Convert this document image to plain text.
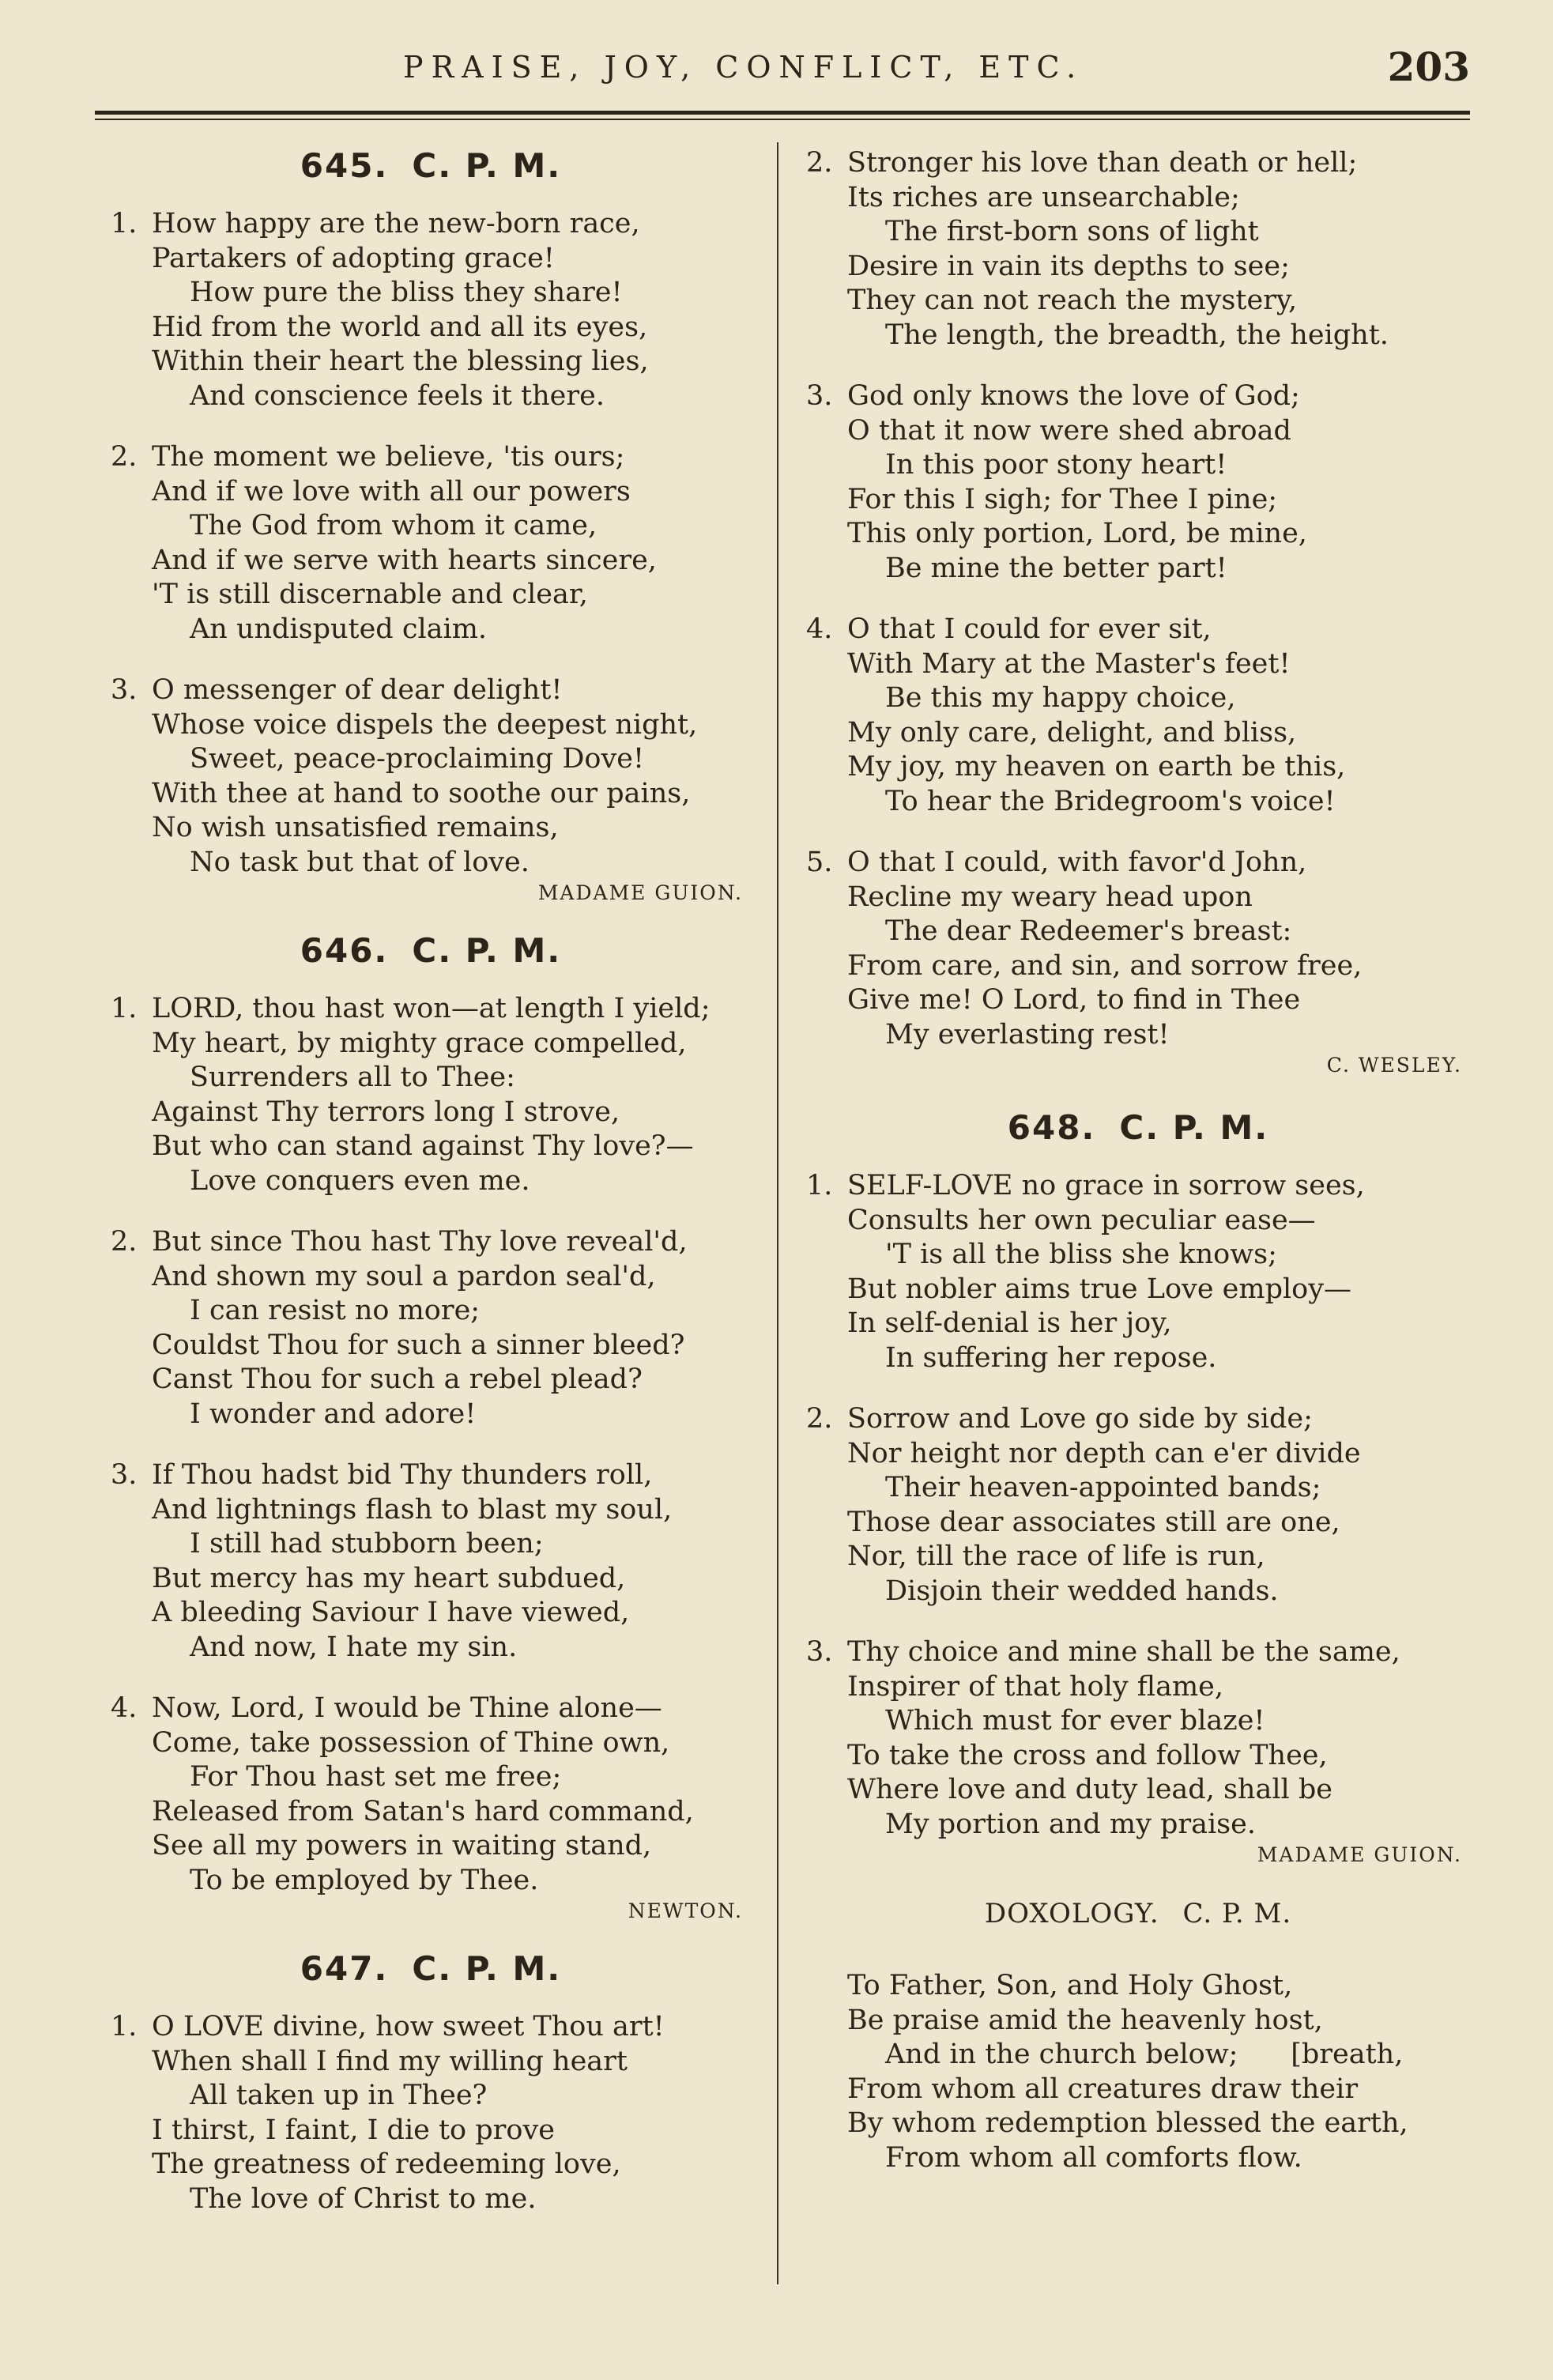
PRAISE, JOY, CONFLICT, ETC.	203
645. C. P. M.
1. How happy are the new-born race,
Partakers of adopting grace!
How pure the bliss they share!
Hid from the world and all its eyes,
Within their heart the blessing lies,
And conscience feels it there.
2. The moment we believe, 'tis ours;
And if we love with all our powers
The God from whom it came,
And if we serve with hearts sincere,
'T is still discernable and clear,
An undisputed claim.
3. O messenger of dear delight!
Whose voice dispels the deepest night,
Sweet, peace-proclaiming Dove!
With thee at hand to soothe our pains,
No wish unsatisfied remains,
No task but that of love.
MADAME GUION.
646. C. P. M.
1. LORD, thou hast won—at length I yield;
My heart, by mighty grace compelled,
Surrenders all to Thee:
Against Thy terrors long I strove,
But who can stand against Thy love?—
Love conquers even me.
2. But since Thou hast Thy love reveal'd,
And shown my soul a pardon seal'd,
I can resist no more;
Couldst Thou for such a sinner bleed?
Canst Thou for such a rebel plead?
I wonder and adore!
3. If Thou hadst bid Thy thunders roll,
And lightnings flash to blast my soul,
I still had stubborn been;
But mercy has my heart subdued,
A bleeding Saviour I have viewed,
And now, I hate my sin.
4. Now, Lord, I would be Thine alone—
Come, take possession of Thine own,
For Thou hast set me free;
Released from Satan's hard command,
See all my powers in waiting stand,
To be employed by Thee.
NEWTON.
647. C. P. M.
1. O LOVE divine, how sweet Thou art!
When shall I find my willing heart
All taken up in Thee?
I thirst, I faint, I die to prove
The greatness of redeeming love,
The love of Christ to me.
2. Stronger his love than death or hell;
Its riches are unsearchable;
The first-born sons of light
Desire in vain its depths to see;
They can not reach the mystery,
The length, the breadth, the height.
3. God only knows the love of God;
O that it now were shed abroad
In this poor stony heart!
For this I sigh; for Thee I pine;
This only portion, Lord, be mine,
Be mine the better part!
4. O that I could for ever sit,
With Mary at the Master's feet!
Be this my happy choice,
My only care, delight, and bliss,
My joy, my heaven on earth be this,
To hear the Bridegroom's voice!
5. O that I could, with favor'd John,
Recline my weary head upon
The dear Redeemer's breast:
From care, and sin, and sorrow free,
Give me! O Lord, to find in Thee
My everlasting rest!
C. WESLEY.
648. C. P. M.
1. SELF-LOVE no grace in sorrow sees,
Consults her own peculiar ease—
'T is all the bliss she knows;
But nobler aims true Love employ—
In self-denial is her joy,
In suffering her repose.
2. Sorrow and Love go side by side;
Nor height nor depth can e'er divide
Their heaven-appointed bands;
Those dear associates still are one,
Nor, till the race of life is run,
Disjoin their wedded hands.
3. Thy choice and mine shall be the same,
Inspirer of that holy flame,
Which must for ever blaze!
To take the cross and follow Thee,
Where love and duty lead, shall be
My portion and my praise.
MADAME GUION.
DOXOLOGY. C. P. M.
To Father, Son, and Holy Ghost,
Be praise amid the heavenly host,
And in the church below;      [breath,
From whom all creatures draw their
By whom redemption blessed the earth,
From whom all comforts flow.
